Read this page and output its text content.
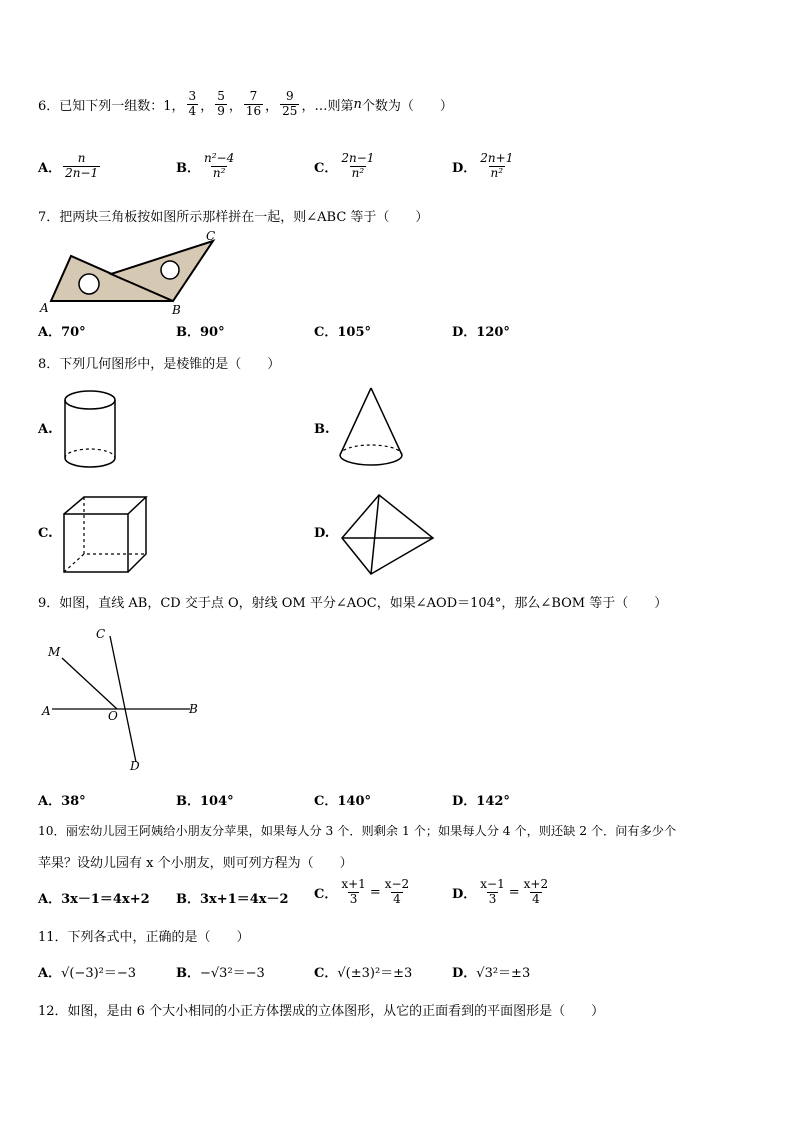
6．已知下列一组数：1， $\frac{3}{4}$ ， $\frac{5}{9}$ ， $\frac{7}{16}$ ， $\frac{9}{25}$ ，…则第 n 个数为（　　）
A． $\frac{n}{2n-1}$	B． $\frac{\text{n²−4}}{\text{n²}}$	C． $\frac{2n-1}{\text{n²}}$	D． $\frac{2n+1}{\text{n²}}$
7．把两块三角板按如图所示那样拼在一起，则∠ABC 等于（　　）
A	B
C
A．70°	B．90°	C．105°	D．120°
8．下列几何图形中，是棱锥的是（　　）
A.	B.
C.	D.
9．如图，直线 AB，CD 交于点 O，射线 OM 平分∠AOC，如果∠AOD＝104°，那么∠BOM 等于（　　）
M
C
A	O	B
D
A．38°	B．104°	C．140°	D．142°
10．丽宏幼儿园王阿姨给小朋友分苹果，如果每人分 3 个．则剩余 1 个；如果每人分 4 个，则还缺 2 个．问有多少个
苹果？设幼儿园有 x 个小朋友，则可列方程为（　　）
A．3x－1＝4x+2 B．3x+1＝4x－2 C． $\frac{x+1}{3} = \frac{x-2}{4}$	D． $\frac{x-1}{3} = \frac{x+2}{4}$
11．下列各式中，正确的是（　　）
A．√(−3)²＝−3	B．−√3²＝−3	C．√(±3)²＝±3	D．√3²＝±3
12．如图，是由 6 个大小相同的小正方体摆成的立体图形，从它的正面看到的平面图形是（　　）
